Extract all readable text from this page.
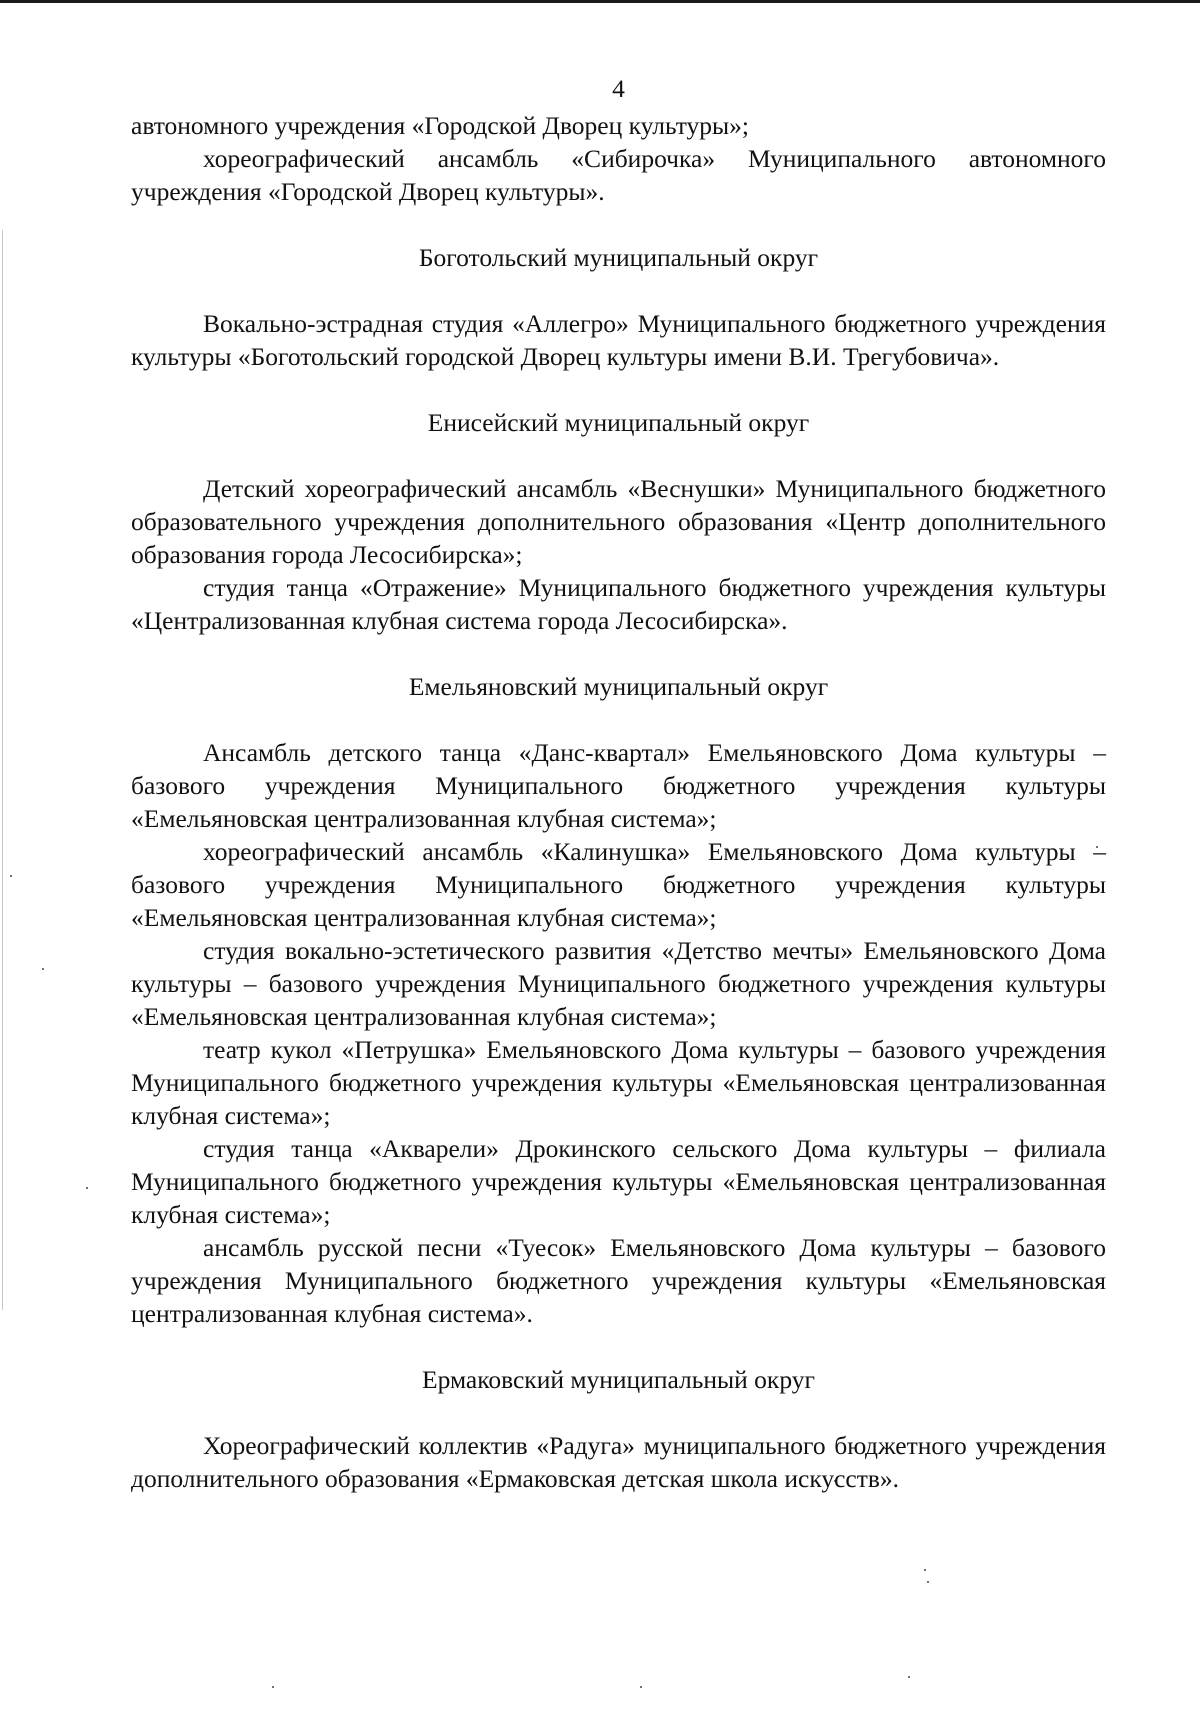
4

автономного учреждения «Городской Дворец культуры»;

хореографический ансамбль «Сибирочка» Муниципального автономного учреждения «Городской Дворец культуры».

Боготольский муниципальный округ

Вокально-эстрадная студия «Аллегро» Муниципального бюджетного учреждения культуры «Боготольский городской Дворец культуры имени В.И. Трегубовича».

Енисейский муниципальный округ

Детский хореографический ансамбль «Веснушки» Муниципального бюджетного образовательного учреждения дополнительного образования «Центр дополнительного образования города Лесосибирска»;

студия танца «Отражение» Муниципального бюджетного учреждения культуры «Централизованная клубная система города Лесосибирска».

Емельяновский муниципальный округ

Ансамбль детского танца «Данс-квартал» Емельяновского Дома культуры – базового учреждения Муниципального бюджетного учреждения культуры «Емельяновская централизованная клубная система»;

хореографический ансамбль «Калинушка» Емельяновского Дома культуры – базового учреждения Муниципального бюджетного учреждения культуры «Емельяновская централизованная клубная система»;

студия вокально-эстетического развития «Детство мечты» Емельяновского Дома культуры – базового учреждения Муниципального бюджетного учреждения культуры «Емельяновская централизованная клубная система»;

театр кукол «Петрушка» Емельяновского Дома культуры – базового учреждения Муниципального бюджетного учреждения культуры «Емельяновская централизованная клубная система»;

студия танца «Акварели» Дрокинского сельского Дома культуры – филиала Муниципального бюджетного учреждения культуры «Емельяновская централизованная клубная система»;

ансамбль русской песни «Туесок» Емельяновского Дома культуры – базового учреждения Муниципального бюджетного учреждения культуры «Емельяновская централизованная клубная система».

Ермаковский муниципальный округ

Хореографический коллектив «Радуга» муниципального бюджетного учреждения дополнительного образования «Ермаковская детская школа искусств».
